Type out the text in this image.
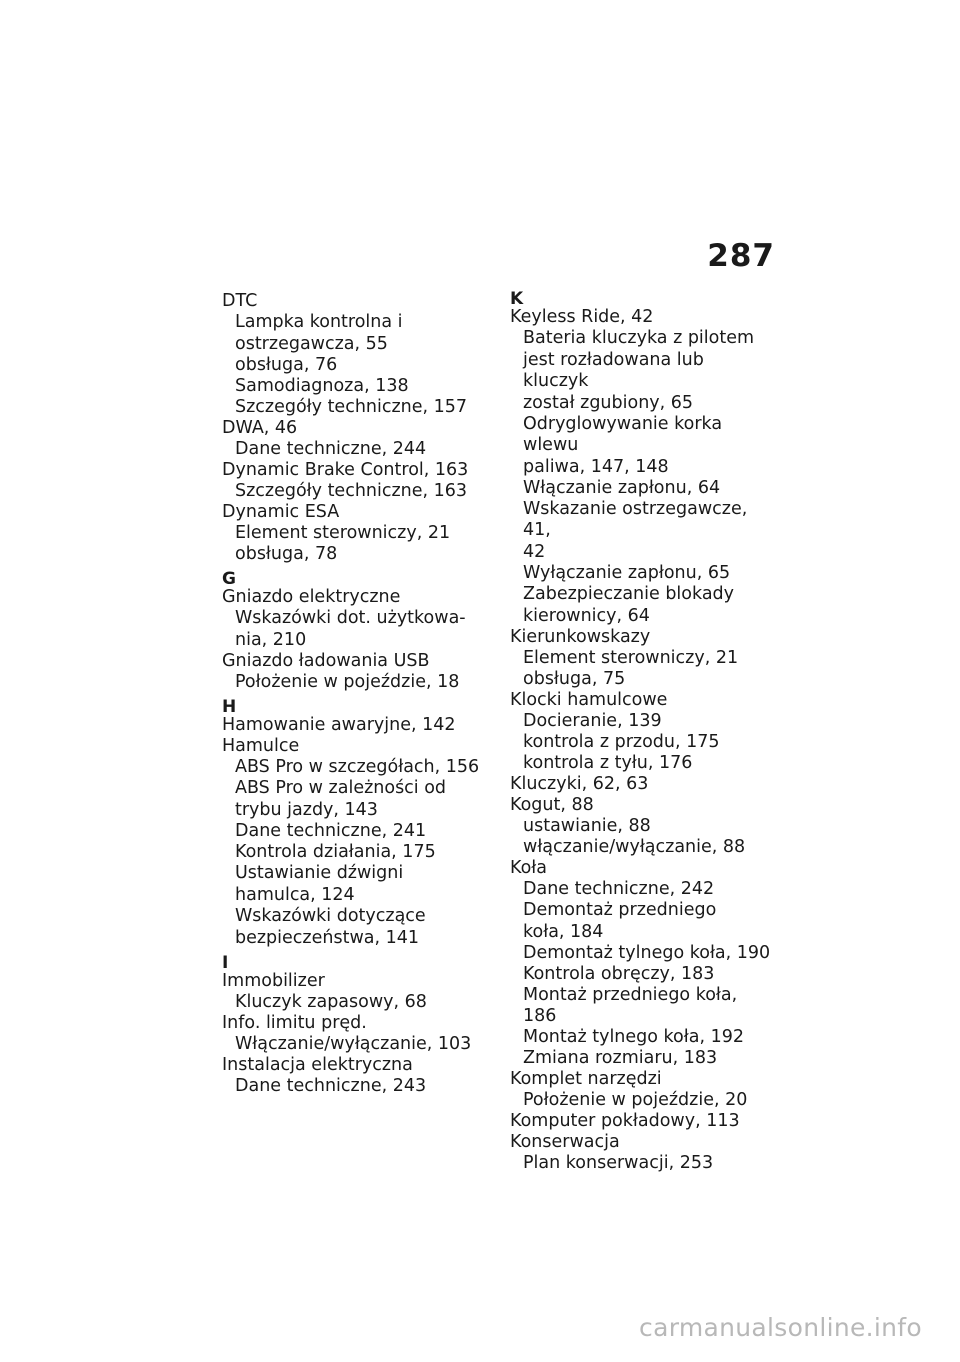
287
DTC
Lampka kontrolna i
ostrzegawcza, 55
obsługa, 76
Samodiagnoza, 138
Szczegóły techniczne, 157
DWA, 46
Dane techniczne, 244
Dynamic Brake Control, 163
Szczegóły techniczne, 163
Dynamic ESA
Element sterowniczy, 21
obsługa, 78
G
Gniazdo elektryczne
Wskazówki dot. użytkowa-
nia, 210
Gniazdo ładowania USB
Położenie w pojeździe, 18
H
Hamowanie awaryjne, 142
Hamulce
ABS Pro w szczegółach, 156
ABS Pro w zależności od
trybu jazdy, 143
Dane techniczne, 241
Kontrola działania, 175
Ustawianie dźwigni
hamulca, 124
Wskazówki dotyczące
bezpieczeństwa, 141
I
Immobilizer
Kluczyk zapasowy, 68
Info. limitu pręd.
Włączanie/wyłączanie, 103
Instalacja elektryczna
Dane techniczne, 243
K
Keyless Ride, 42
Bateria kluczyka z pilotem
jest rozładowana lub kluczyk
został zgubiony, 65
Odryglowywanie korka wlewu
paliwa, 147, 148
Włączanie zapłonu, 64
Wskazanie ostrzegawcze, 41,
42
Wyłączanie zapłonu, 65
Zabezpieczanie blokady
kierownicy, 64
Kierunkowskazy
Element sterowniczy, 21
obsługa, 75
Klocki hamulcowe
Docieranie, 139
kontrola z przodu, 175
kontrola z tyłu, 176
Kluczyki, 62, 63
Kogut, 88
ustawianie, 88
włączanie/wyłączanie, 88
Koła
Dane techniczne, 242
Demontaż przedniego
koła, 184
Demontaż tylnego koła, 190
Kontrola obręczy, 183
Montaż przedniego koła, 186
Montaż tylnego koła, 192
Zmiana rozmiaru, 183
Komplet narzędzi
Położenie w pojeździe, 20
Komputer pokładowy, 113
Konserwacja
Plan konserwacji, 253
carmanualsonline.info
